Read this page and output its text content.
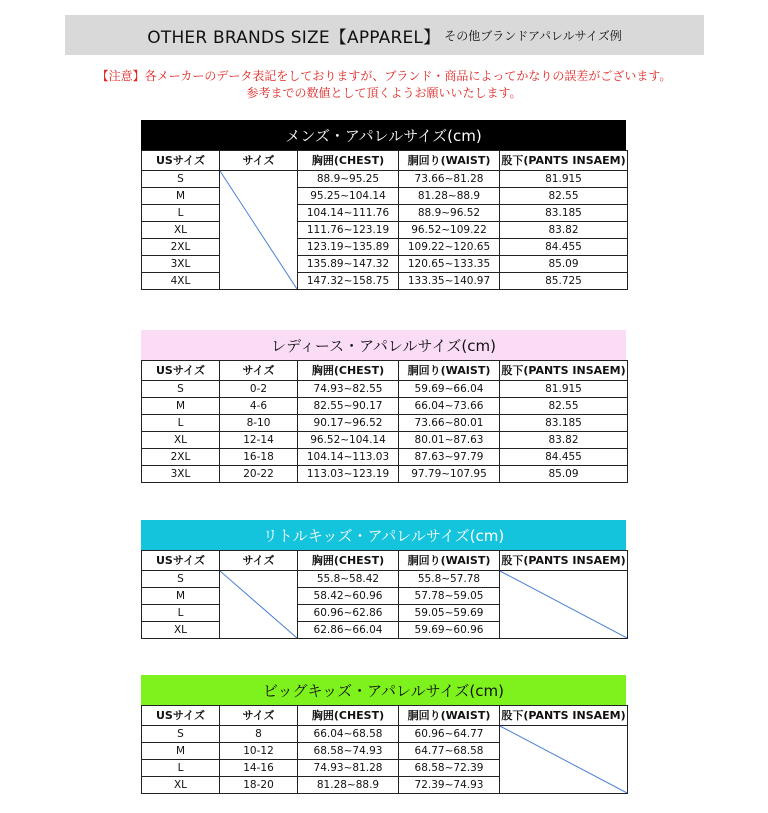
OTHER BRANDS SIZE【APPAREL】 その他ブランドアパレルサイズ例
【注意】各メーカーのデータ表記をしておりますが、ブランド・商品によってかなりの誤差がございます。
参考までの数値として頂くようお願いいたします。
メンズ・アパレルサイズ(cm)
USサイズ	サイズ	胸囲(CHEST)	胴回り(WAIST)	股下(PANTS INSAEM)
S		88.9~95.25	73.66~81.28	81.915
M		95.25~104.14	81.28~88.9	82.55
L		104.14~111.76	88.9~96.52	83.185
XL		111.76~123.19	96.52~109.22	83.82
2XL		123.19~135.89	109.22~120.65	84.455
3XL		135.89~147.32	120.65~133.35	85.09
4XL		147.32~158.75	133.35~140.97	85.725
レディース・アパレルサイズ(cm)
USサイズ	サイズ	胸囲(CHEST)	胴回り(WAIST)	股下(PANTS INSAEM)
S	0-2	74.93~82.55	59.69~66.04	81.915
M	4-6	82.55~90.17	66.04~73.66	82.55
L	8-10	90.17~96.52	73.66~80.01	83.185
XL	12-14	96.52~104.14	80.01~87.63	83.82
2XL	16-18	104.14~113.03	87.63~97.79	84.455
3XL	20-22	113.03~123.19	97.79~107.95	85.09
リトルキッズ・アパレルサイズ(cm)
USサイズ	サイズ	胸囲(CHEST)	胴回り(WAIST)	股下(PANTS INSAEM)
S		55.8~58.42	55.8~57.78	

M		58.42~60.96	57.78~59.05	
L		60.96~62.86	59.05~59.69	
XL		62.86~66.04	59.69~60.96	
ビッグキッズ・アパレルサイズ(cm)
USサイズ	サイズ	胸囲(CHEST)	胴回り(WAIST)	股下(PANTS INSAEM)
S	8	66.04~68.58	60.96~64.77	

M	10-12	68.58~74.93	64.77~68.58	
L	14-16	74.93~81.28	68.58~72.39	
XL	18-20	81.28~88.9	72.39~74.93	
